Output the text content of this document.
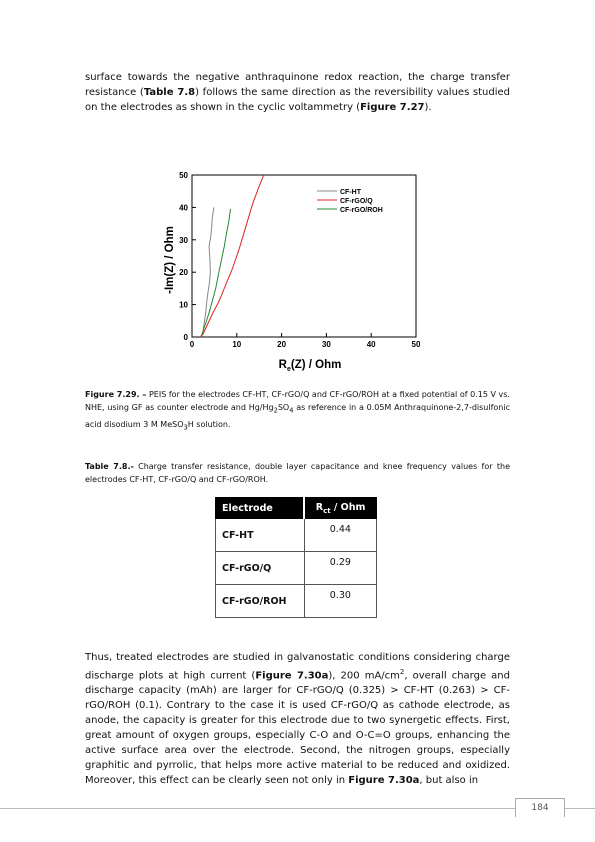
surface towards the negative anthraquinone redox reaction, the charge transfer resistance (Table 7.8) follows the same direction as the reversibility values studied on the electrodes as shown in the cyclic voltammetry (Figure 7.27).

0	10	20	30	40	50
0
10
20
30
40
50
CF-HT
CF-rGO/Q
CF-rGO/ROH
$R_e(Z)$ / Ohm
-Im(Z) / Ohm

Figure 7.29. – PEIS for the electrodes CF-HT, CF-rGO/Q and CF-rGO/ROH at a fixed potential of 0.15 V vs. NHE, using GF as counter electrode and $Hg/Hg_2SO_4$ as reference in a 0.05M Anthraquinone-2,7-disulfonic acid disodium 3 M MeSO$_3$H solution.

Table 7.8.- Charge transfer resistance, double layer capacitance and knee frequency values for the electrodes CF-HT, CF-rGO/Q and CF-rGO/ROH.

Electrode	$R_{ct}$ / Ohm
CF-HT	0.44
CF-rGO/Q	0.29
CF-rGO/ROH	0.30

Thus, treated electrodes are studied in galvanostatic conditions considering charge discharge plots at high current (Figure 7.30a), 200 $mA/cm^2$, overall charge and discharge capacity (mAh) are larger for CF-rGO/Q (0.325) > CF-HT (0.263) > CF-rGO/ROH (0.1). Contrary to the case it is used CF-rGO/Q as cathode electrode, as anode, the capacity is greater for this electrode due to two synergetic effects. First, great amount of oxygen groups, especially C-O and O-C=O groups, enhancing the active surface area over the electrode. Second, the nitrogen groups, especially graphitic and pyrrolic, that helps more active material to be reduced and oxidized. Moreover, this effect can be clearly seen not only in Figure 7.30a, but also in

184
